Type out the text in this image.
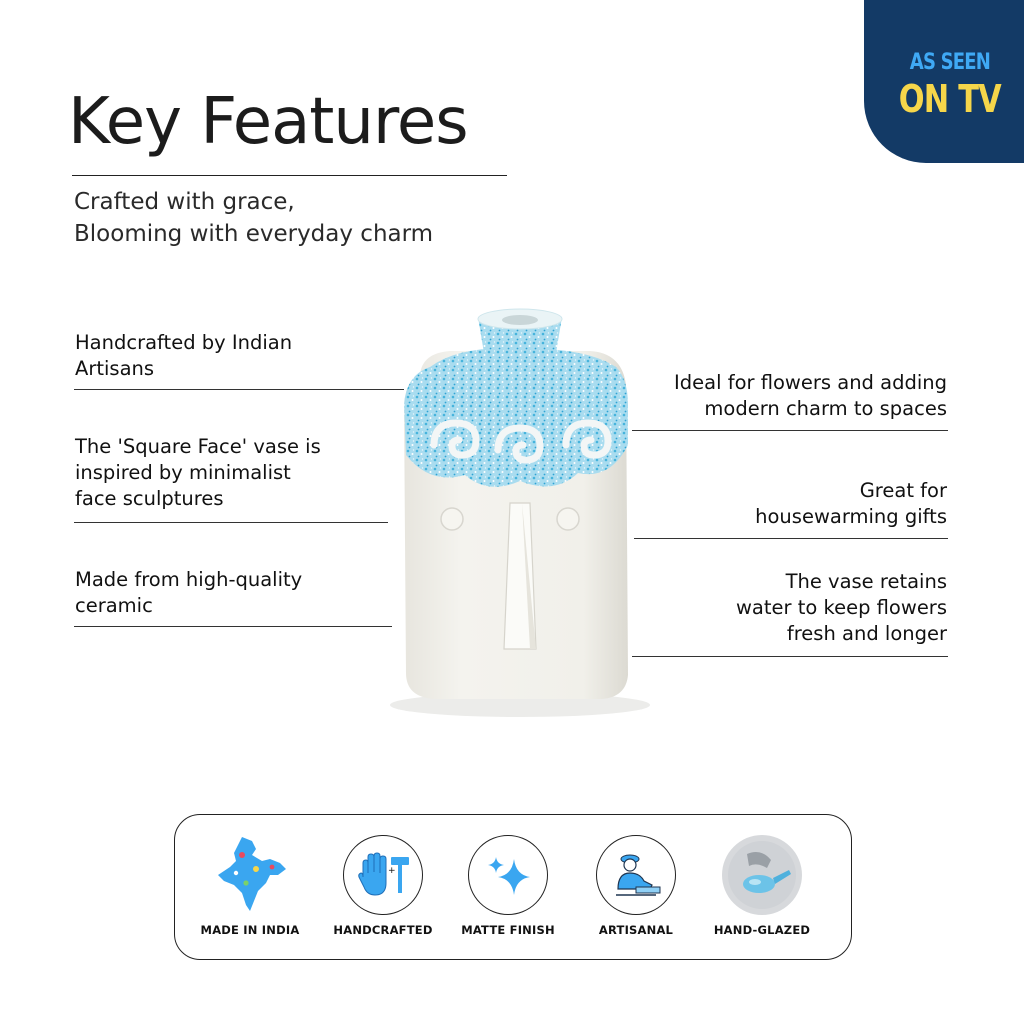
AS SEEN
ON TV
Key Features
Crafted with grace,
Blooming with everyday charm
Handcrafted by Indian
Artisans
The 'Square Face' vase is
inspired by minimalist
face sculptures
Made from high-quality
ceramic
Ideal for flowers and adding
modern charm to spaces
Great for
housewarming gifts
The vase retains
water to keep flowers
fresh and longer
MADE IN INDIA
+
HANDCRAFTED MATTE FINISH	ARTISANAL	HAND-GLAZED
